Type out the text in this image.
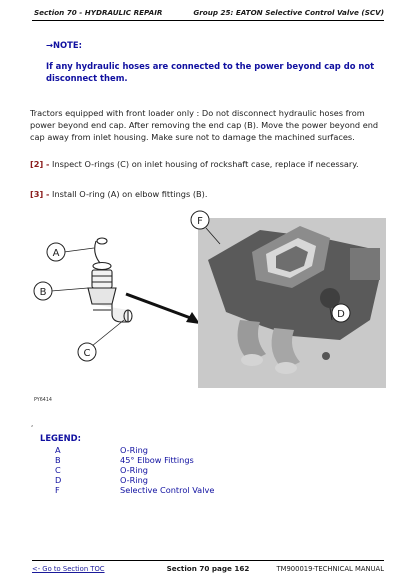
Section 70 - HYDRAULIC REPAIR	Group 25: EATON Selective Control Valve (SCV)
→NOTE:
If any hydraulic hoses are connected to the power beyond cap do not disconnect them.
Tractors equipped with front loader only : Do not disconnect hydraulic hoses from power beyond end cap. After removing the end cap (B). Move the power beyond end cap away from inlet housing. Make sure not to damage the machined surfaces.
[2] - Inspect O-rings (C) on inlet housing of rockshaft case, replace if necessary.
[3] - Install O-ring (A) on elbow fittings (B).
A
B
C
F
D
PY6414
,
LEGEND:
A	O-Ring
B	45° Elbow Fittings
C	O-Ring
D	O-Ring
F	Selective Control Valve
<- Go to Section TOC	Section 70 page 162	TM900019-TECHNICAL MANUAL
